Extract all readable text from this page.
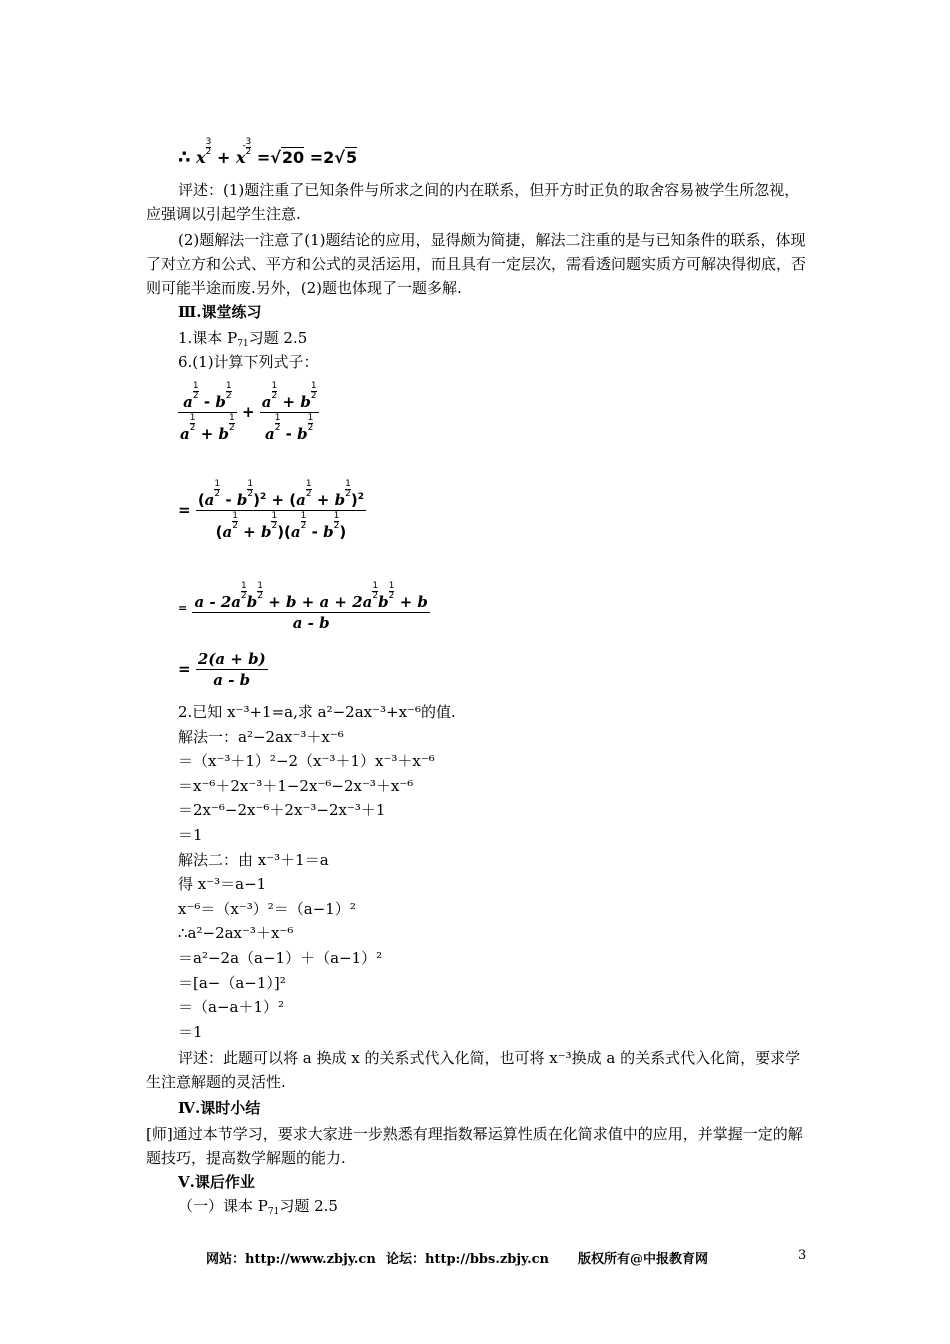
∴ x
$\frac{3}{2}$
+ x
- 3
2 =√20 =2√5
评述：(1)题注重了已知条件与所求之间的内在联系，但开方时正负的取舍容易被学生所忽视，应强调以引起学生注意.
(2)题解法一注意了(1)题结论的应用，显得颇为简捷，解法二注重的是与已知条件的联系，体现了对立方和公式、平方和公式的灵活运用，而且具有一定层次，需看透问题实质方可解决得彻底，否则可能半途而废.另外，(2)题也体现了一题多解.
Ⅲ.课堂练习
1.课本 $P_{71}$习题 2.5
6.(1)计算下列式子：
a
$\frac{1}{2}$
- b
$\frac{1}{2}$
a
$\frac{1}{2}$
+ b
$\frac{1}{2} + a$
$\frac{1}{2}$
+ b
$\frac{1}{2}$
a
$\frac{1}{2}$
- b
$\frac{1}{2}$
= (a
$\frac{1}{2}$
- b
$\frac{1}{2}$
)$^2$ + (a
$\frac{1}{2}$
+ b
$\frac{1}{2}$
)$^2$
(a
$\frac{1}{2}$
+ b
$\frac{1}{2}$
)(a
$\frac{1}{2}$
- b
$\frac{1}{2}$
)
= a - 2a
$\frac{1}{2}$
b
$\frac{1}{2}$
+ b + a + 2a
$\frac{1}{2}$
b
$\frac{1}{2}$
+ b
a - b
= $\frac{2(a + b)}{a - b}$
2.已知 x⁻³+1=a,求 a²−2ax⁻³+x⁻⁶的值.
解法一：a²−2ax⁻³＋x⁻⁶
＝（x⁻³＋1）²−2（x⁻³＋1）x⁻³＋x⁻⁶
＝x⁻⁶＋2x⁻³＋1−2x⁻⁶−2x⁻³＋x⁻⁶
＝2x⁻⁶−2x⁻⁶＋2x⁻³−2x⁻³＋1
＝1
解法二：由 x⁻³＋1＝a
得 x⁻³＝a−1
x⁻⁶＝（x⁻³）²＝（a−1）²
∴a²−2ax⁻³＋x⁻⁶
＝a²−2a（a−1）＋（a−1）²
＝[a−（a−1）]²
＝（a−a＋1）²
＝1
评述：此题可以将 a 换成 x 的关系式代入化简，也可将 x⁻³换成 a 的关系式代入化简，要求学生注意解题的灵活性.
Ⅳ.课时小结
[师]通过本节学习，要求大家进一步熟悉有理指数幂运算性质在化简求值中的应用，并掌握一定的解题技巧，提高数学解题的能力.
Ⅴ.课后作业
（一）课本 $P_{71}$习题 2.5
网站：http://www.zbjy.cn 论坛：http://bbs.zbjy.cn 版权所有@中报教育网	3
